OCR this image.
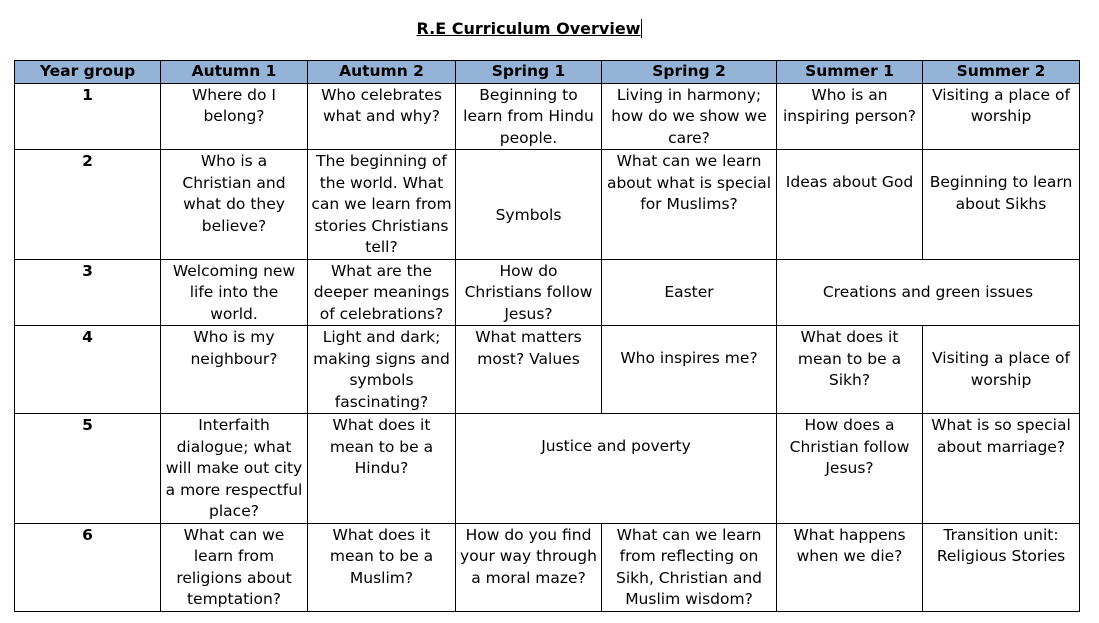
R.E Curriculum Overview
Year group	Autumn 1	Autumn 2	Spring 1	Spring 2	Summer 1	Summer 2
1	Where do I belong?	Who celebrates what and why?	Beginning to learn from Hindu people.	Living in harmony; how do we show we care?	Who is an inspiring person?	Visiting a place of worship
2	Who is a Christian and what do they believe?	The beginning of the world. What can we learn from stories Christians tell?	Symbols	What can we learn about what is special for Muslims?	Ideas about God	Beginning to learn about Sikhs
3	Welcoming new life into the world.	What are the deeper meanings of celebrations?	How do Christians follow Jesus?	Easter	Creations and green issues	
4	Who is my neighbour?	Light and dark; making signs and symbols fascinating?	What matters most? Values	Who inspires me?	What does it mean to be a Sikh?	Visiting a place of worship
5	Interfaith dialogue; what will make out city a more respectful place?	What does it mean to be a Hindu?	Justice and poverty		How does a Christian follow Jesus?	What is so special about marriage?
6	What can we learn from religions about temptation?	What does it mean to be a Muslim?	How do you find your way through a moral maze?	What can we learn from reflecting on Sikh, Christian and Muslim wisdom?	What happens when we die?	Transition unit: Religious Stories
